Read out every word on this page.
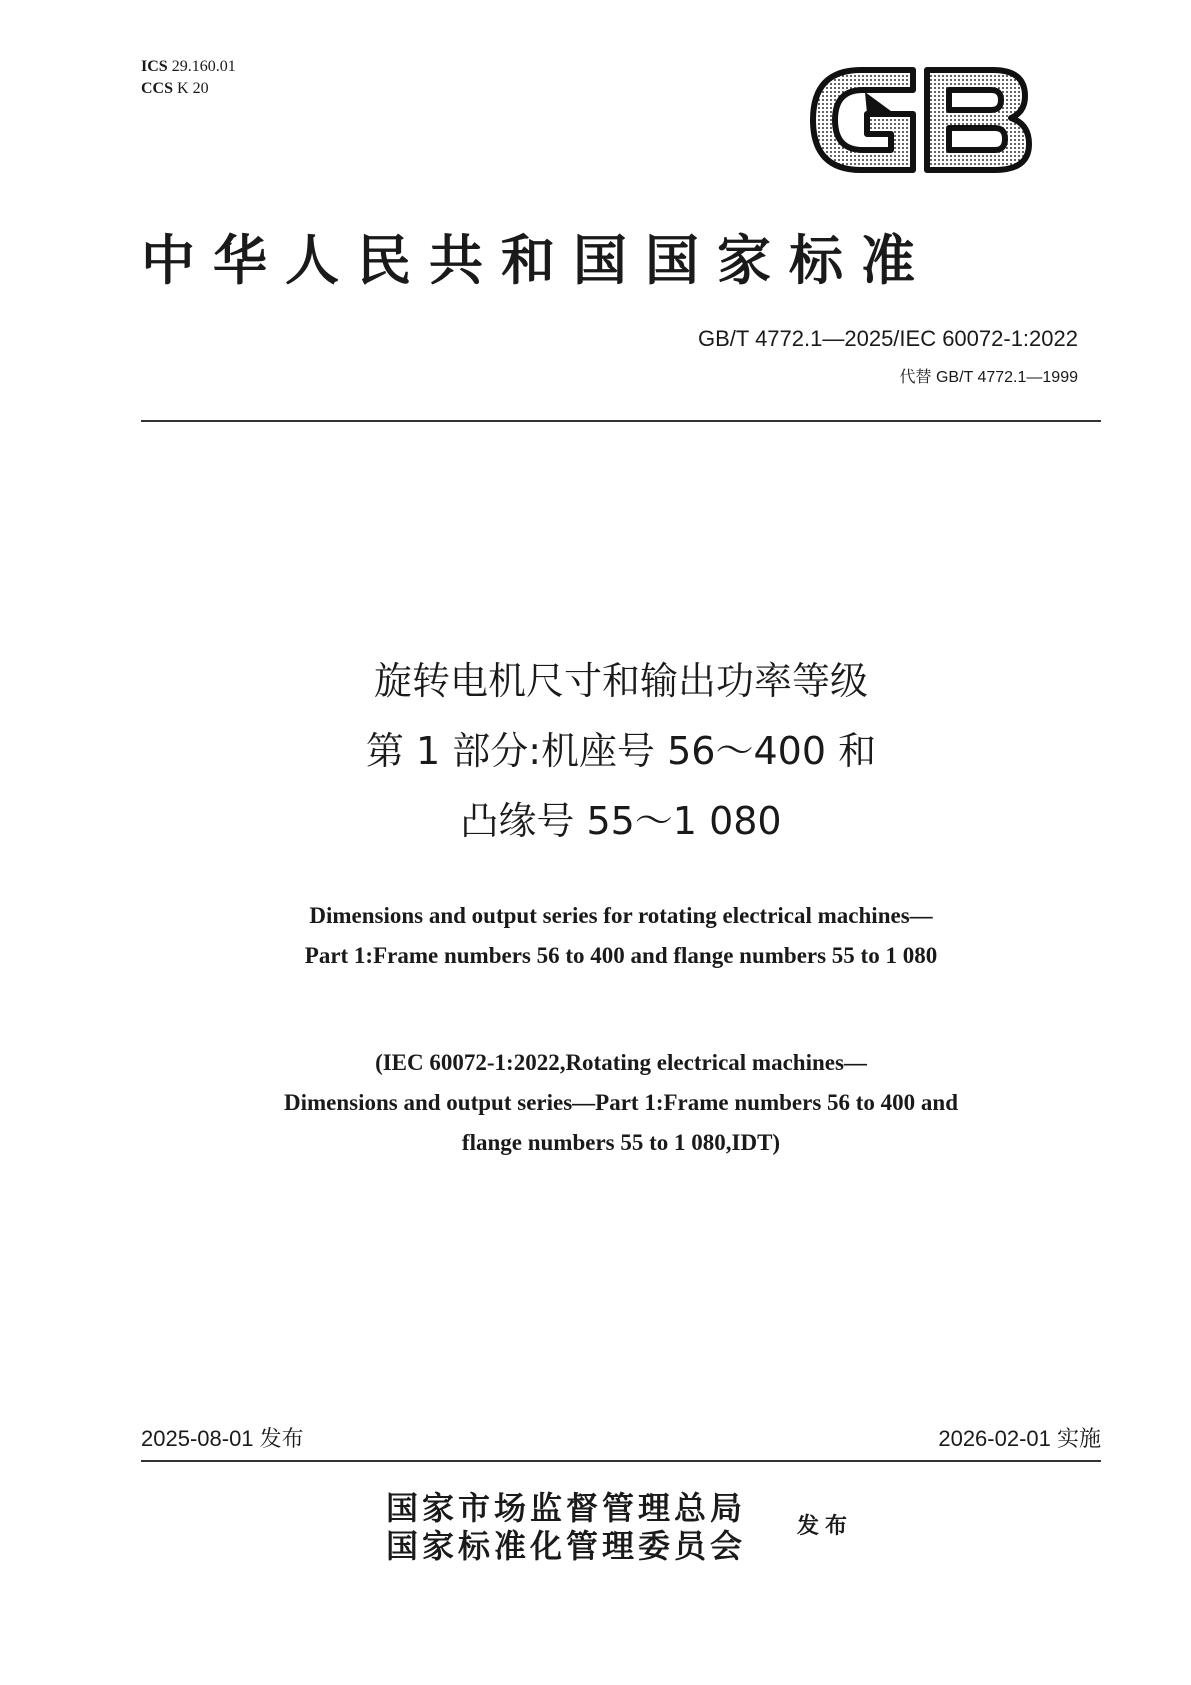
ICS 29.160.01
CCS K 20
中华人民共和国国家标准
GB/T 4772.1—2025/IEC 60072-1:2022
代替 GB/T 4772.1—1999
旋转电机尺寸和输出功率等级
第 1 部分:机座号 56～400 和
凸缘号 55～1 080
Dimensions and output series for rotating electrical machines—
Part 1:Frame numbers 56 to 400 and flange numbers 55 to 1 080
(IEC 60072-1:2022,Rotating electrical machines—
Dimensions and output series—Part 1:Frame numbers 56 to 400 and
flange numbers 55 to 1 080,IDT)
2025-08-01 发布	2026-02-01 实施
国家市场监督管理总局
国家标准化管理委员会
发布
